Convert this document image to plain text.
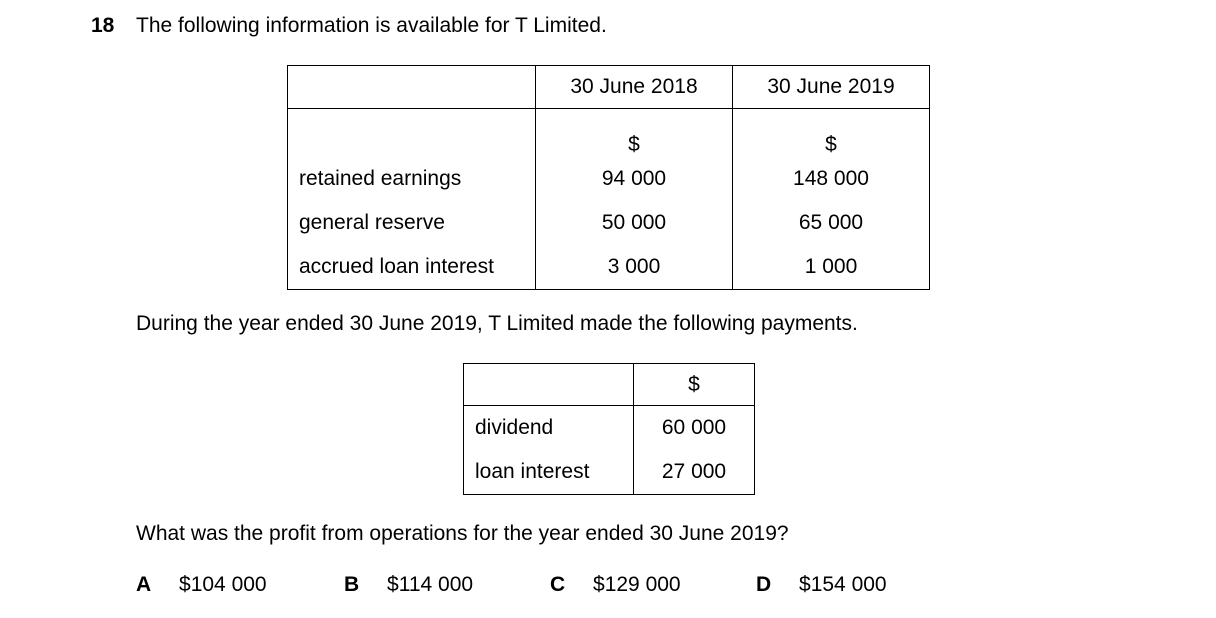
18 The following information is available for T Limited.
	30 June 2018	30 June 2019
	$	$
retained earnings	94 000	148 000
general reserve	50 000	65 000
accrued loan interest	3 000	1 000
During the year ended 30 June 2019, T Limited made the following payments.
	$
dividend	60 000
loan interest	27 000
What was the profit from operations for the year ended 30 June 2019?
A $104 000	B $114 000	C $129 000	D $154 000
